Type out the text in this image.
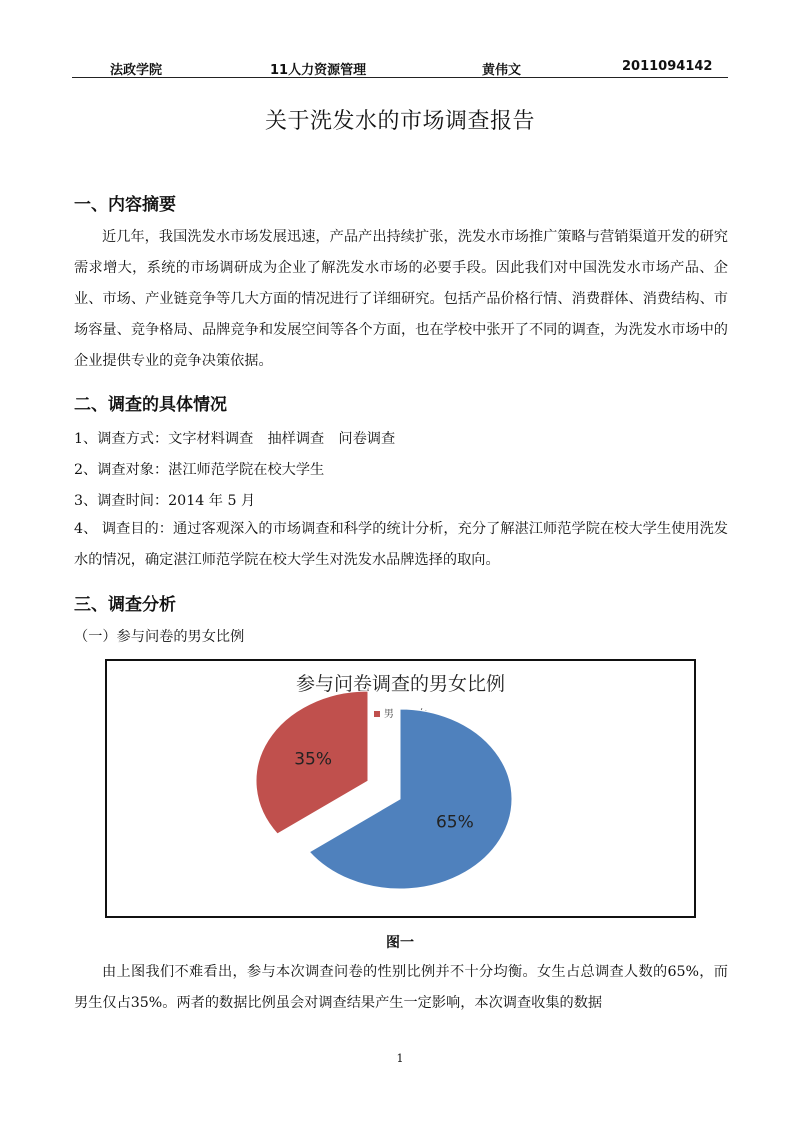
法政学院	11人力资源管理	黄伟文	2011094142
关于洗发水的市场调查报告
一、内容摘要
近几年，我国洗发水市场发展迅速，产品产出持续扩张，洗发水市场推广策略与营销渠道开发的研究需求增大，系统的市场调研成为企业了解洗发水市场的必要手段。因此我们对中国洗发水市场产品、企业、市场、产业链竞争等几大方面的情况进行了详细研究。包括产品价格行情、消费群体、消费结构、市场容量、竞争格局、品牌竞争和发展空间等各个方面，也在学校中张开了不同的调查，为洗发水市场中的企业提供专业的竞争决策依据。
二、调查的具体情况
1、调查方式：文字材料调查　抽样调查　问卷调查
2、调查对象：湛江师范学院在校大学生
3、调查时间：2014 年 5 月
4、 调查目的：通过客观深入的市场调查和科学的统计分析，充分了解湛江师范学院在校大学生使用洗发水的情况，确定湛江师范学院在校大学生对洗发水品牌选择的取向。
三、调查分析
（一）参与问卷的男女比例
参与问卷调查的男女比例
男
35%
65%
图一
由上图我们不难看出，参与本次调查问卷的性别比例并不十分均衡。女生占总调查人数的65%，而男生仅占35%。两者的数据比例虽会对调查结果产生一定影响，本次调查收集的数据
1
